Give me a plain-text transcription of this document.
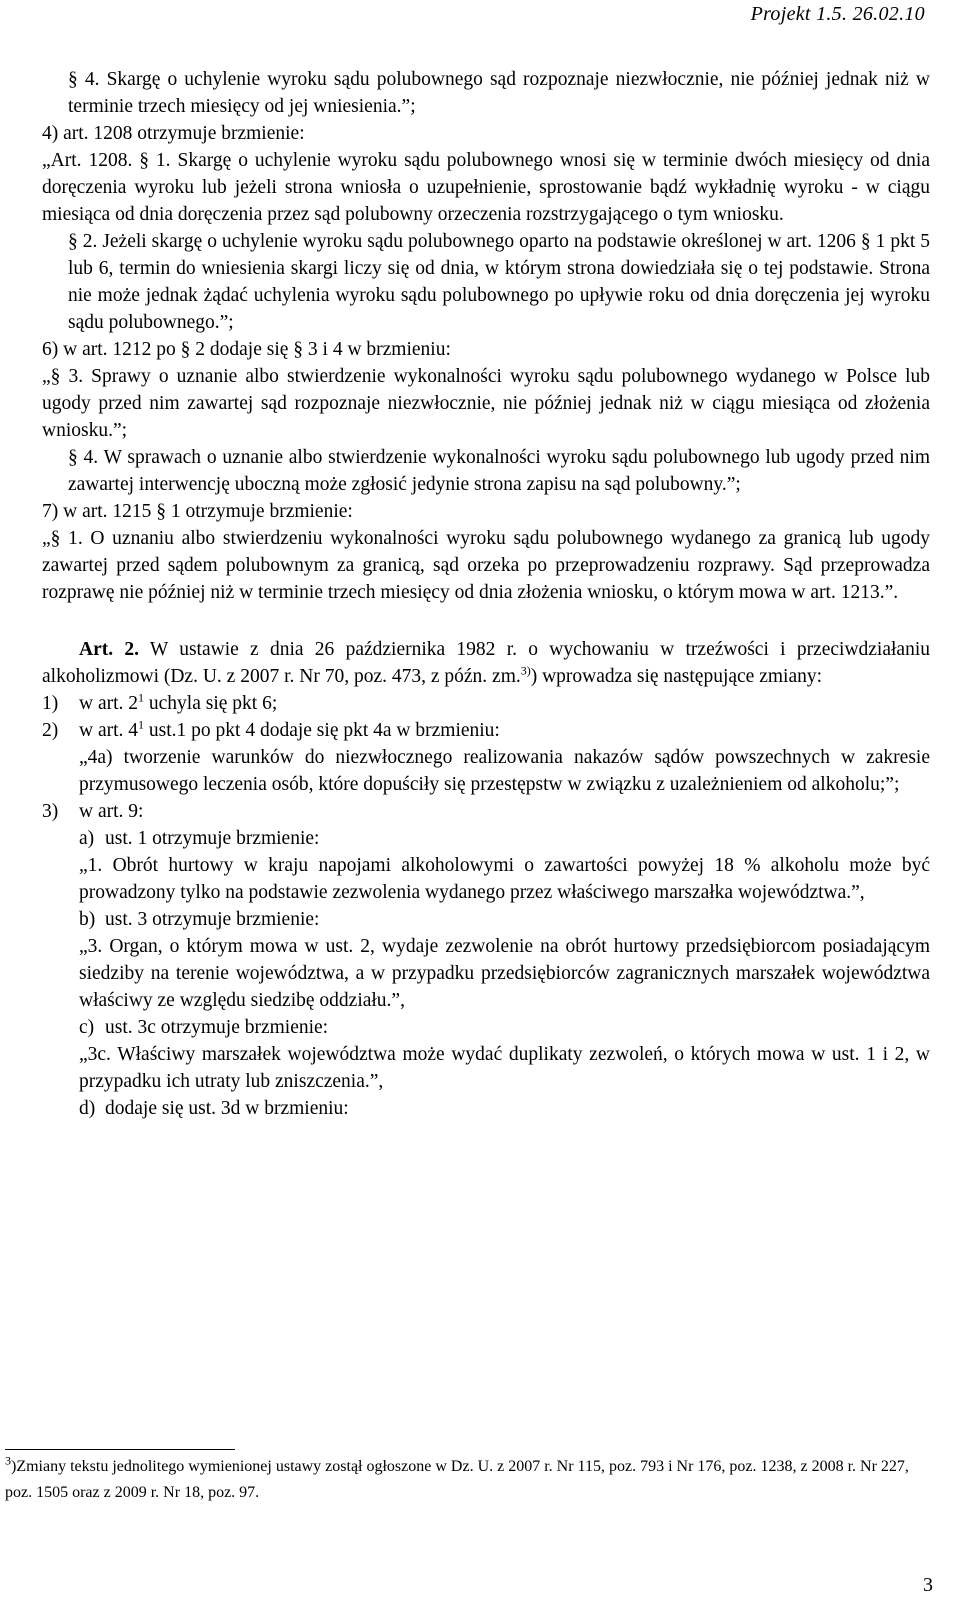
Projekt 1.5. 26.02.10

§ 4. Skargę o uchylenie wyroku sądu polubownego sąd rozpoznaje niezwłocznie, nie później jednak niż w terminie trzech miesięcy od jej wniesienia.”;

4) art. 1208 otrzymuje brzmienie:

„Art. 1208. § 1. Skargę o uchylenie wyroku sądu polubownego wnosi się w terminie dwóch miesięcy od dnia doręczenia wyroku lub jeżeli strona wniosła o uzupełnienie, sprostowanie bądź wykładnię wyroku - w ciągu miesiąca od dnia doręczenia przez sąd polubowny orzeczenia rozstrzygającego o tym wniosku.

§ 2. Jeżeli skargę o uchylenie wyroku sądu polubownego oparto na podstawie określonej w art. 1206 § 1 pkt 5 lub 6, termin do wniesienia skargi liczy się od dnia, w którym strona dowiedziała się o tej podstawie. Strona nie może jednak żądać uchylenia wyroku sądu polubownego po upływie roku od dnia doręczenia jej wyroku sądu polubownego.”;

6) w art. 1212 po § 2 dodaje się § 3 i 4 w brzmieniu:

„§ 3. Sprawy o uznanie albo stwierdzenie wykonalności wyroku sądu polubownego wydanego w Polsce lub ugody przed nim zawartej sąd rozpoznaje niezwłocznie, nie później jednak niż w ciągu miesiąca od złożenia wniosku.”;

§ 4. W sprawach o uznanie albo stwierdzenie wykonalności wyroku sądu polubownego lub ugody przed nim zawartej interwencję uboczną może zgłosić jedynie strona zapisu na sąd polubowny.”;

7) w art. 1215 § 1 otrzymuje brzmienie:

„§ 1. O uznaniu albo stwierdzeniu wykonalności wyroku sądu polubownego wydanego za granicą lub ugody zawartej przed sądem polubownym za granicą, sąd orzeka po przeprowadzeniu rozprawy. Sąd przeprowadza rozprawę nie później niż w terminie trzech miesięcy od dnia złożenia wniosku, o którym mowa w art. 1213.”.

Art. 2. W ustawie z dnia 26 października 1982 r. o wychowaniu w trzeźwości i przeciwdziałaniu alkoholizmowi (Dz. U. z 2007 r. Nr 70, poz. 473, z późn. zm.$^{3)}$) wprowadza się następujące zmiany:

1) w art. $2^1$ uchyla się pkt 6;

2) w art. $4^1$ ust.1 po pkt 4 dodaje się pkt 4a w brzmieniu:

„4a) tworzenie warunków do niezwłocznego realizowania nakazów sądów powszechnych w zakresie przymusowego leczenia osób, które dopuściły się przestępstw w związku z uzależnieniem od alkoholu;”;

3) w art. 9:

a) ust. 1 otrzymuje brzmienie:

„1. Obrót hurtowy w kraju napojami alkoholowymi o zawartości powyżej 18 % alkoholu może być prowadzony tylko na podstawie zezwolenia wydanego przez właściwego marszałka województwa.”,

b) ust. 3 otrzymuje brzmienie:

„3. Organ, o którym mowa w ust. 2, wydaje zezwolenie na obrót hurtowy przedsiębiorcom posiadającym siedziby na terenie województwa, a w przypadku przedsiębiorców zagranicznych marszałek województwa właściwy ze względu siedzibę oddziału.”,

c) ust. 3c otrzymuje brzmienie:

„3c. Właściwy marszałek województwa może wydać duplikaty zezwoleń, o których mowa w ust. 1 i 2, w przypadku ich utraty lub zniszczenia.”,

d) dodaje się ust. 3d w brzmieniu:

$^3$)Zmiany tekstu jednolitego wymienionej ustawy zostął ogłoszone w Dz. U. z 2007 r. Nr 115, poz. 793 i Nr 176, poz. 1238, z 2008 r. Nr 227, poz. 1505 oraz z 2009 r. Nr 18, poz. 97.
3
